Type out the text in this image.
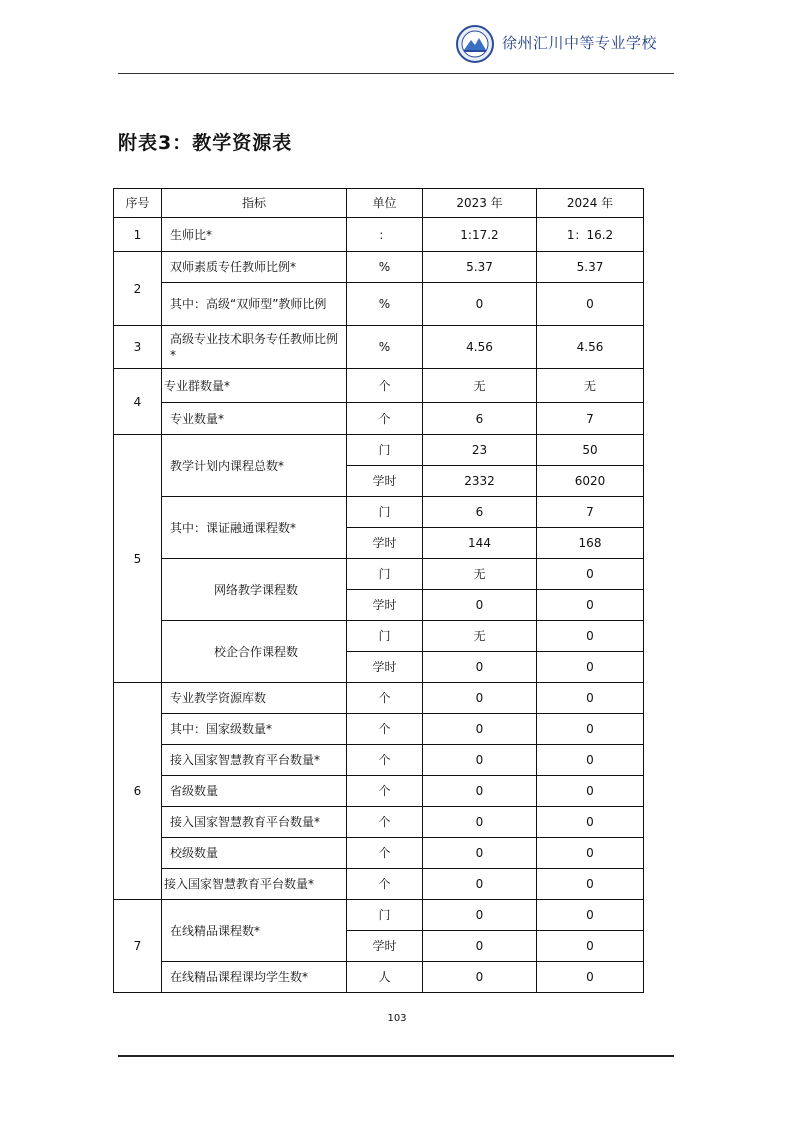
徐州汇川中等专业学校
附表3：教学资源表
序号	指标	单位	2023 年	2024 年
1	生师比*	：	1:17.2	1：16.2
2	双师素质专任教师比例*	%	5.37	5.37
	其中：高级“双师型”教师比例	%	0	0
3	高级专业技术职务专任教师比例*	%	4.56	4.56
4	专业群数量*	个	无	无
	专业数量*	个	6	7
5	教学计划内课程总数*	门	23	50
		学时	2332	6020
	其中：课证融通课程数*	门	6	7
		学时	144	168
	网络教学课程数	门	无	0
		学时	0	0
	校企合作课程数	门	无	0
		学时	0	0
6	专业教学资源库数	个	0	0
	其中：国家级数量*	个	0	0
	接入国家智慧教育平台数量*	个	0	0
	省级数量	个	0	0
	接入国家智慧教育平台数量*	个	0	0
	校级数量	个	0	0
	接入国家智慧教育平台数量*	个	0	0
7	在线精品课程数*	门	0	0
		学时	0	0
	在线精品课程课均学生数*	人	0	0
103
